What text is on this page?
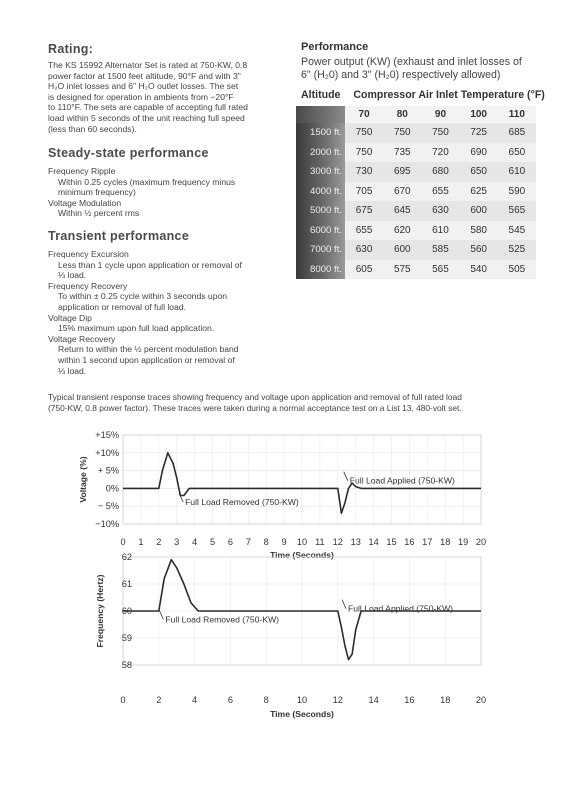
Rating:
The KS 15992 Alternator Set is rated at 750-KW, 0.8
power factor at 1500 feet altitude, 90°F and with 3"
H₂O inlet losses and 6" H₂O outlet losses. The set
is designed for operation in ambients from −20°F
to 110°F. The sets are capable of accepting full rated
load within 5 seconds of the unit reaching full speed
(less than 60 seconds).
Steady-state performance
Frequency Ripple
Within 0.25 cycles (maximum frequency minus
minimum frequency)
Voltage Modulation
Within ½ percent rms
Transient performance
Frequency Excursion
Less than 1 cycle upon application or removal of
⅓ load.
Frequency Recovery
To within ± 0.25 cycle within 3 seconds upon
application or removal of full load.
Voltage Dip
15% maximum upon full load application.
Voltage Recovery
Return to within the ½ percent modulation band
within 1 second upon application or removal of
⅓ load.
Performance
Power output (KW) (exhaust and inlet losses of
6" (H₂0) and 3" (H₂0) respectively allowed)
Altitude Compressor Air Inlet Temperature (°F)
	70	80	90	100	110
1500 ft.	750	750	750	725	685
2000 ft.	750	735	720	690	650
3000 ft.	730	695	680	650	610
4000 ft.	705	670	655	625	590
5000 ft.	675	645	630	600	565
6000 ft.	655	620	610	580	545
7000 ft.	630	600	585	560	525
8000 ft.	605	575	565	540	505
Typical transient response traces showing frequency and voltage upon application and removal of full rated load
(750-KW, 0.8 power factor). These traces were taken during a normal acceptance test on a List 13, 480-volt set.
+15%
+10%
+ 5%
0%
− 5%
−10%
0 1 2 3 4 5 6 7 8 9 10 11 12 13 14 15 16 17 18 19 20
Time (Seconds)
Voltage (%)	Full Load Removed (750-KW)
Full Load Applied (750-KW)
62
61
60
59
58
0	2	4	6	8	10	12	14	16	18	20
Time (Seconds)
Frequency (Hertz)	Full Load Removed (750-KW)
Full Load Applied (750-KW)
